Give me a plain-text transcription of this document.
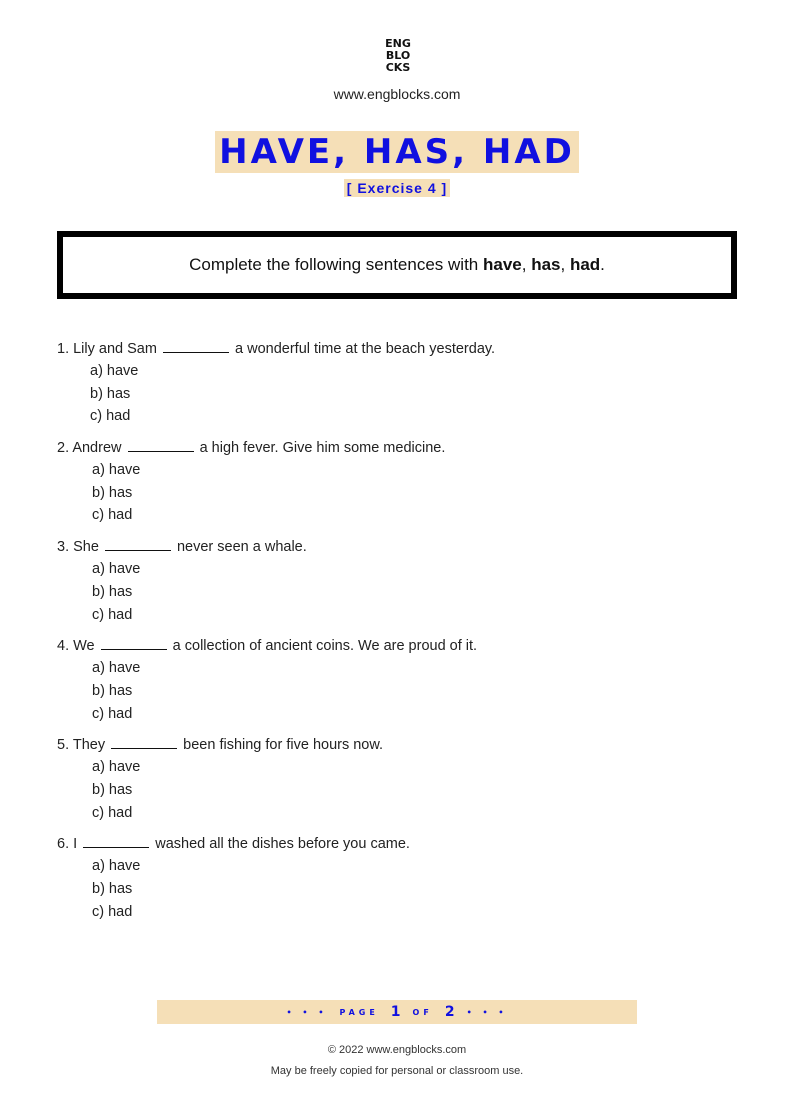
ENG
BLO
CKS
www.engblocks.com
HAVE, HAS, HAD
[ Exercise 4 ]
Complete the following sentences with have, has, had.
1. Lily and Sam	a wonderful time at the beach yesterday.
a) have
b) has
c) had
2. Andrew	a high fever. Give him some medicine.
a) have
b) has
c) had
3. She	never seen a whale.
a) have
b) has
c) had
4. We	a collection of ancient coins. We are proud of it.
a) have
b) has
c) had
5. They	been fishing for five hours now.
a) have
b) has
c) had
6. I	washed all the dishes before you came.
a) have
b) has
c) had
• • • PAGE 1 OF 2 • • •
© 2022 www.engblocks.com
May be freely copied for personal or classroom use.
